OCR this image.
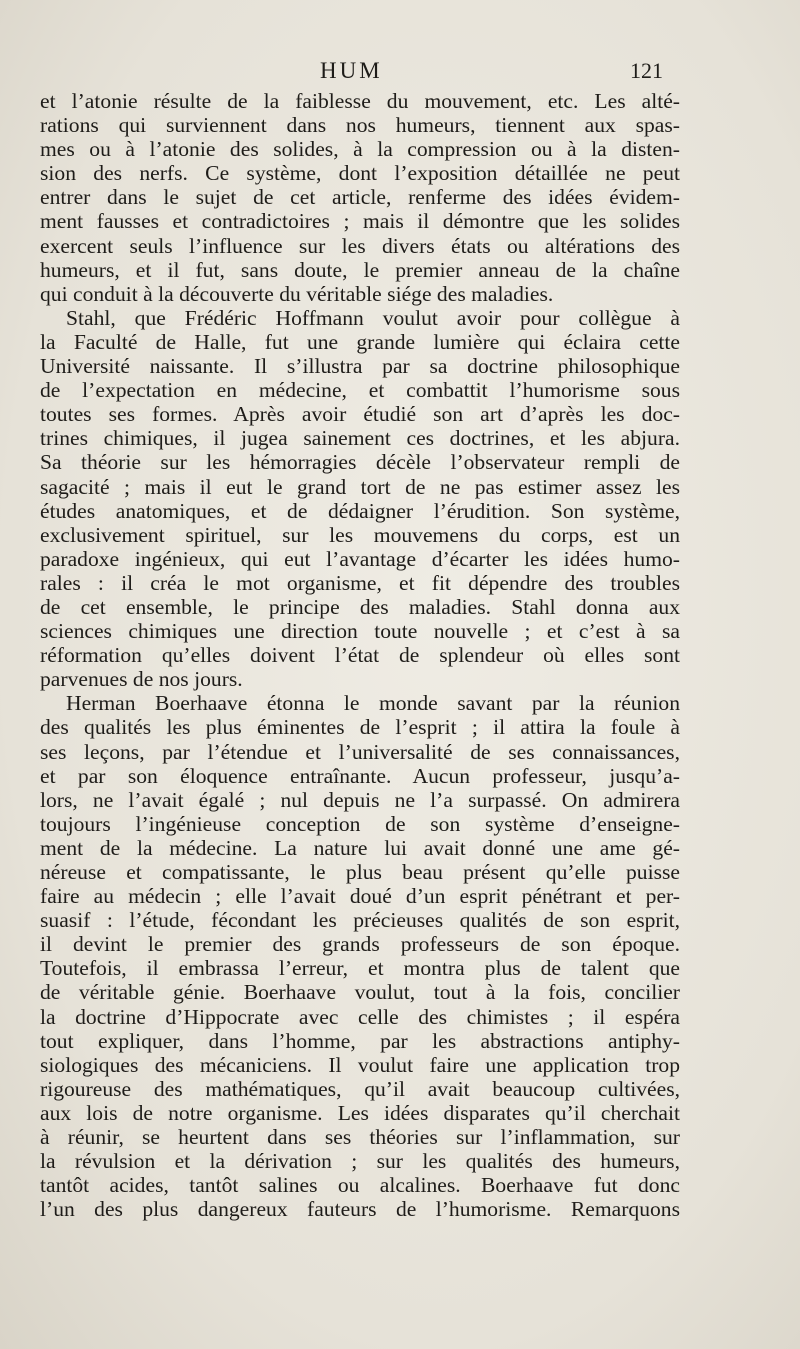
HUM	121
et l’atonie résulte de la faiblesse du mouvement, etc. Les alté-
rations qui surviennent dans nos humeurs, tiennent aux spas-
mes ou à l’atonie des solides, à la compression ou à la disten-
sion des nerfs. Ce système, dont l’exposition détaillée ne peut
entrer dans le sujet de cet article, renferme des idées évidem-
ment fausses et contradictoires ; mais il démontre que les solides
exercent seuls l’influence sur les divers états ou altérations des
humeurs, et il fut, sans doute, le premier anneau de la chaîne
qui conduit à la découverte du véritable siége des maladies.
Stahl, que Frédéric Hoffmann voulut avoir pour collègue à
la Faculté de Halle, fut une grande lumière qui éclaira cette
Université naissante. Il s’illustra par sa doctrine philosophique
de l’expectation en médecine, et combattit l’humorisme sous
toutes ses formes. Après avoir étudié son art d’après les doc-
trines chimiques, il jugea sainement ces doctrines, et les abjura.
Sa théorie sur les hémorragies décèle l’observateur rempli de
sagacité ; mais il eut le grand tort de ne pas estimer assez les
études anatomiques, et de dédaigner l’érudition. Son système,
exclusivement spirituel, sur les mouvemens du corps, est un
paradoxe ingénieux, qui eut l’avantage d’écarter les idées humo-
rales : il créa le mot organisme, et fit dépendre des troubles
de cet ensemble, le principe des maladies. Stahl donna aux
sciences chimiques une direction toute nouvelle ; et c’est à sa
réformation qu’elles doivent l’état de splendeur où elles sont
parvenues de nos jours.
Herman Boerhaave étonna le monde savant par la réunion
des qualités les plus éminentes de l’esprit ; il attira la foule à
ses leçons, par l’étendue et l’universalité de ses connaissances,
et par son éloquence entraînante. Aucun professeur, jusqu’a-
lors, ne l’avait égalé ; nul depuis ne l’a surpassé. On admirera
toujours l’ingénieuse conception de son système d’enseigne-
ment de la médecine. La nature lui avait donné une ame gé-
néreuse et compatissante, le plus beau présent qu’elle puisse
faire au médecin ; elle l’avait doué d’un esprit pénétrant et per-
suasif : l’étude, fécondant les précieuses qualités de son esprit,
il devint le premier des grands professeurs de son époque.
Toutefois, il embrassa l’erreur, et montra plus de talent que
de véritable génie. Boerhaave voulut, tout à la fois, concilier
la doctrine d’Hippocrate avec celle des chimistes ; il espéra
tout expliquer, dans l’homme, par les abstractions antiphy-
siologiques des mécaniciens. Il voulut faire une application trop
rigoureuse des mathématiques, qu’il avait beaucoup cultivées,
aux lois de notre organisme. Les idées disparates qu’il cherchait
à réunir, se heurtent dans ses théories sur l’inflammation, sur
la révulsion et la dérivation ; sur les qualités des humeurs,
tantôt acides, tantôt salines ou alcalines. Boerhaave fut donc
l’un des plus dangereux fauteurs de l’humorisme. Remarquons
